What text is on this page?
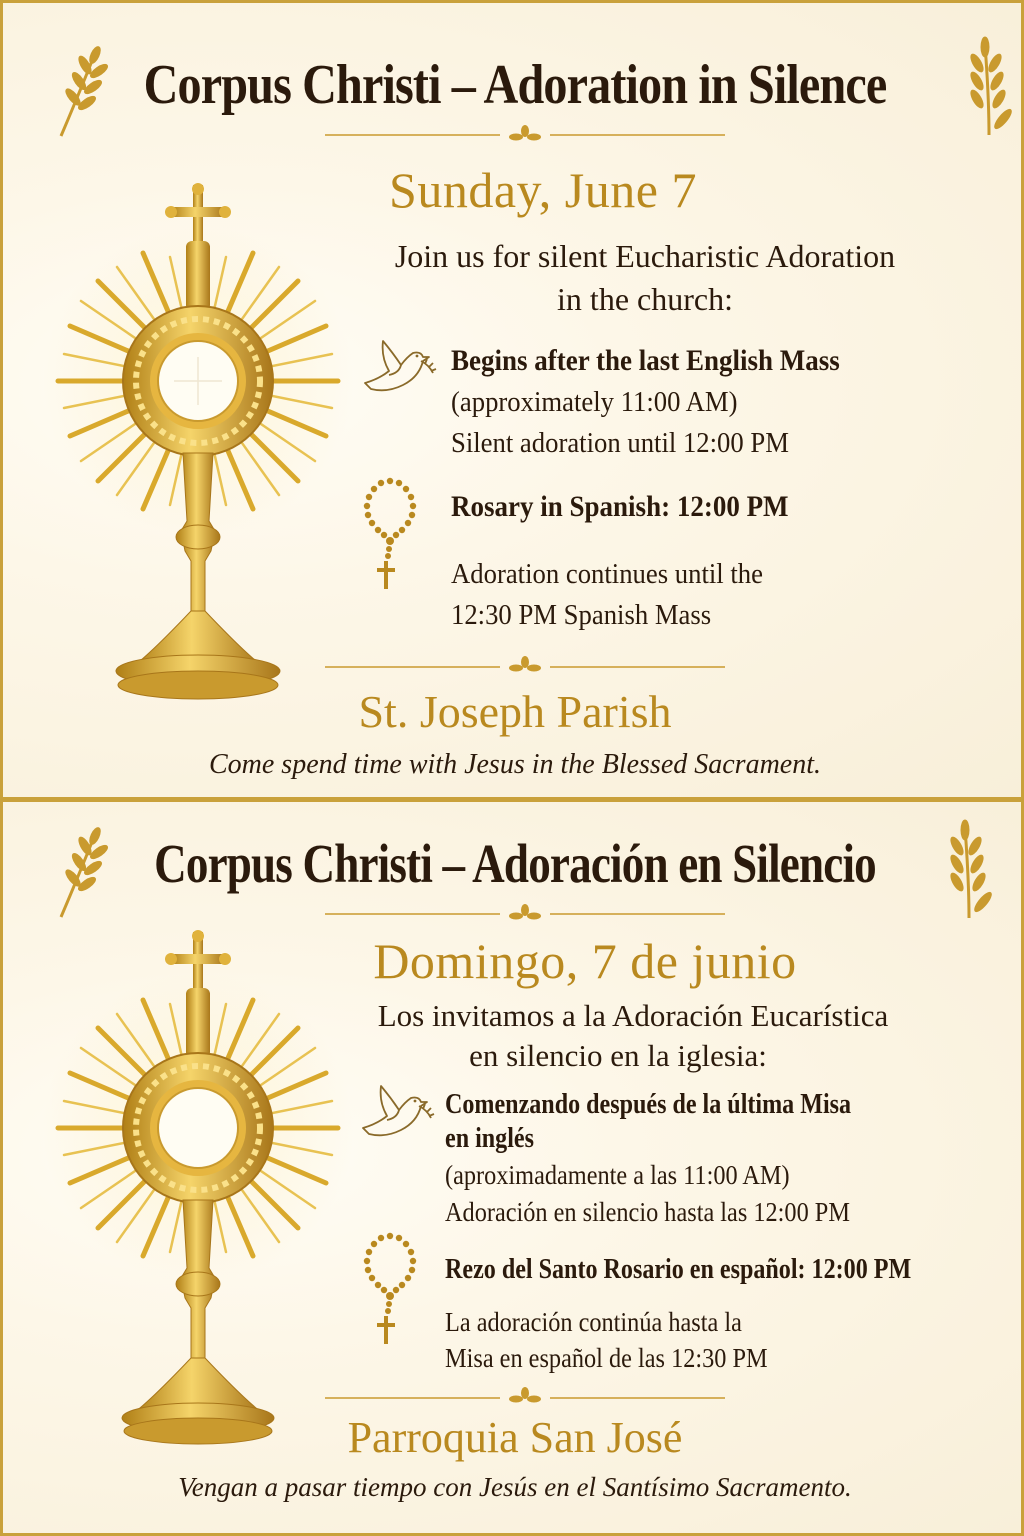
Corpus Christi – Adoration in Silence
Sunday, June 7
Join us for silent Eucharistic Adoration
in the church:
Begins after the last English Mass
(approximately 11:00 AM)
Silent adoration until 12:00 PM
Rosary in Spanish: 12:00 PM
Adoration continues until the
12:30 PM Spanish Mass
St. Joseph Parish
Come spend time with Jesus in the Blessed Sacrament.
Corpus Christi – Adoración en Silencio
Domingo, 7 de junio
Los invitamos a la Adoración Eucarística
en silencio en la iglesia:
Comenzando después de la última Misa
en inglés
(aproximadamente a las 11:00 AM)
Adoración en silencio hasta las 12:00 PM
Rezo del Santo Rosario en español: 12:00 PM
La adoración continúa hasta la
Misa en español de las 12:30 PM
Parroquia San José
Vengan a pasar tiempo con Jesús en el Santísimo Sacramento.
